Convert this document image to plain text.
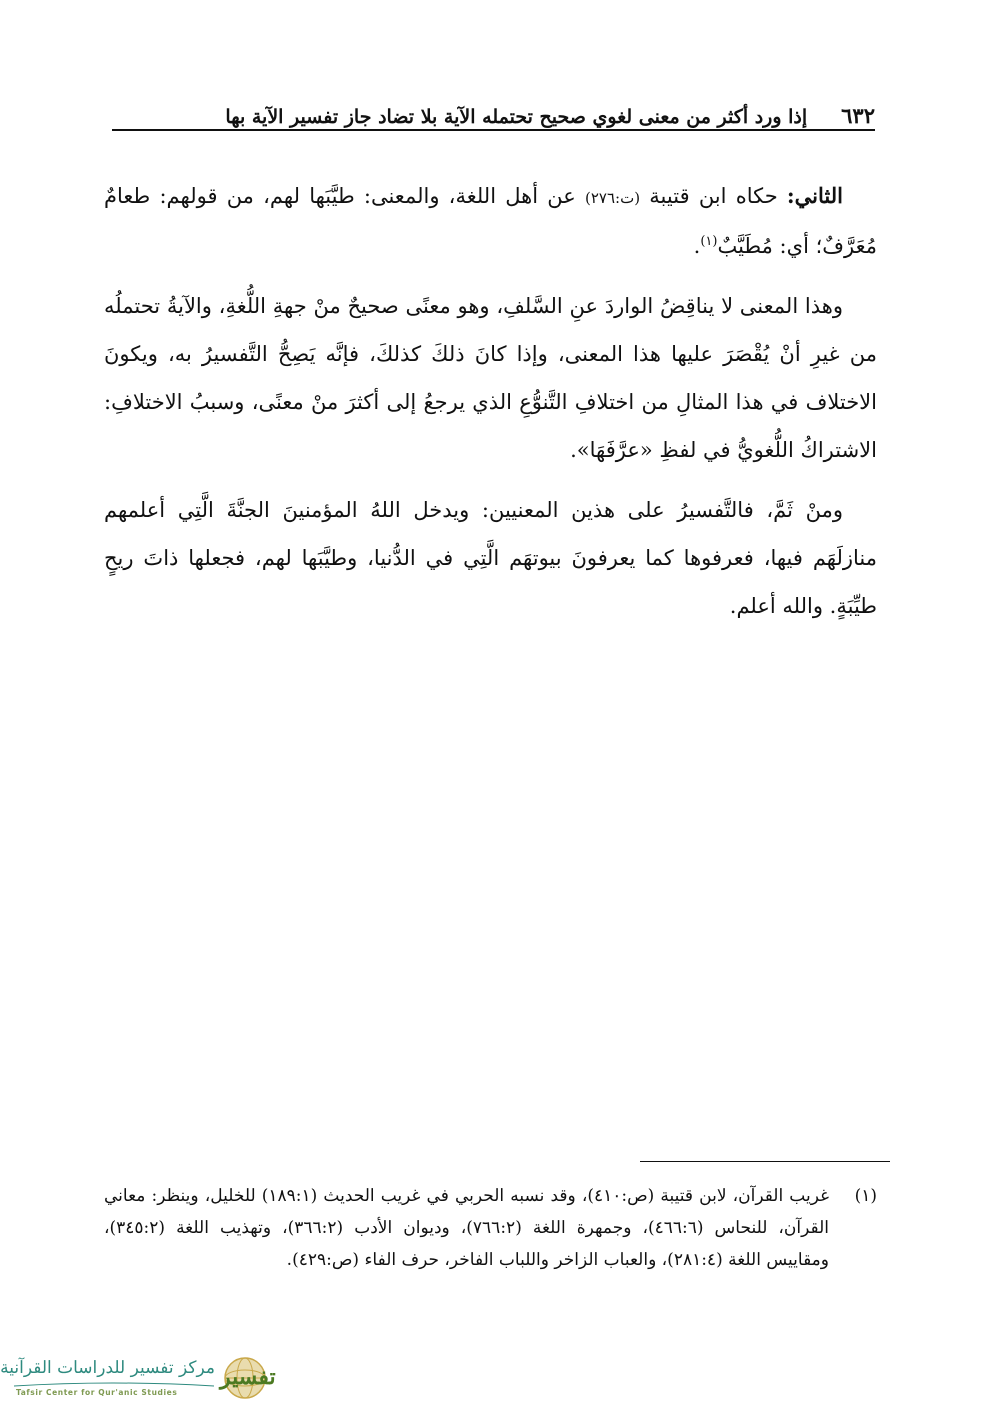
٦٣٢
إذا ورد أكثر من معنى لغوي صحيح تحتمله الآية بلا تضاد جاز تفسير الآية بها

الثاني: حكاه ابن قتيبة (ت:٢٧٦) عن أهل اللغة، والمعنى: طيَّبَها لهم، من قولهم: طعامٌ مُعَرَّفٌ؛ أي: مُطَيَّبٌ$^{(١)}$.

وهذا المعنى لا يناقِضُ الواردَ عنِ السَّلفِ، وهو معنًى صحيحٌ منْ جهةِ اللُّغةِ، والآيةُ تحتملُه من غيرِ أنْ يُقْصَرَ عليها هذا المعنى، وإذا كانَ ذلكَ كذلكَ، فإنَّه يَصِحُّ التَّفسيرُ به، ويكونَ الاختلاف في هذا المثالِ من اختلافِ التَّنوُّعِ الذي يرجعُ إلى أكثرَ منْ معنًى، وسببُ الاختلافِ: الاشتراكُ اللُّغويُّ في لفظِ «عرَّفَهَا».

ومنْ ثَمَّ، فالتَّفسيرُ على هذين المعنيين: ويدخل اللهُ المؤمنينَ الجنَّةَ الَّتِي أعلمهم منازلَهَم فيها، فعرفوها كما يعرفونَ بيوتهَم الَّتِي في الدُّنيا، وطيَّبَها لهم، فجعلها ذاتَ ريحٍ طيِّبَةٍ. والله أعلم.

(١)
غريب القرآن، لابن قتيبة (ص:٤١٠)، وقد نسبه الحربي في غريب الحديث (١٨٩:١) للخليل، وينظر: معاني القرآن، للنحاس (٤٦٦:٦)، وجمهرة اللغة (٧٦٦:٢)، وديوان الأدب (٣٦٦:٢)، وتهذيب اللغة (٣٤٥:٢)، ومقاييس اللغة (٢٨١:٤)، والعباب الزاخر واللباب الفاخر، حرف الفاء (ص:٤٢٩).
مركز تفسير للدراسات القرآنية
Tafsir Center for Qur'anic Studies
تفسير
